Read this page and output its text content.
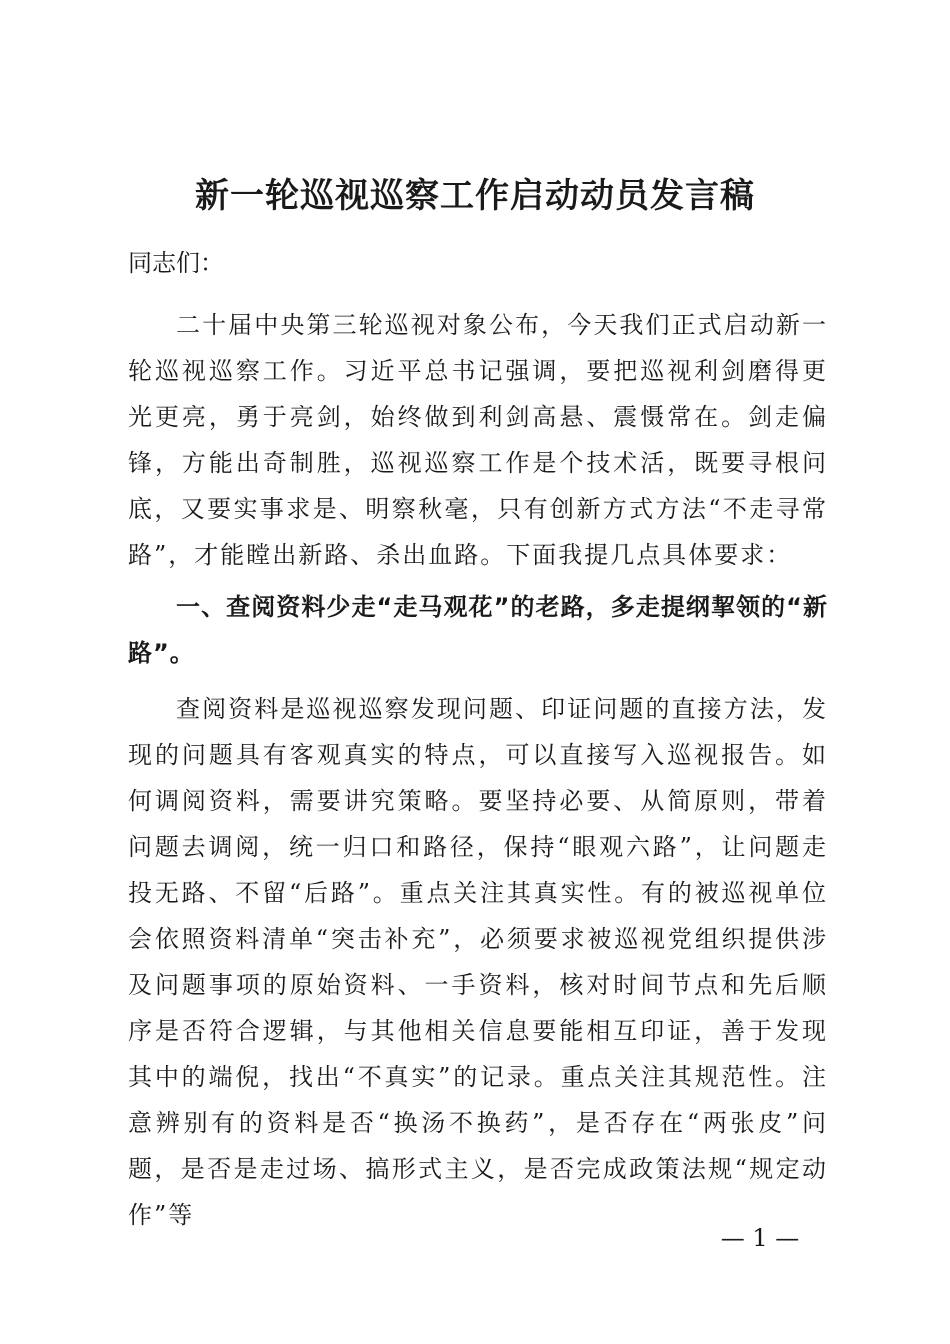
新一轮巡视巡察工作启动动员发言稿

同志们：

二十届中央第三轮巡视对象公布，今天我们正式启动新一轮巡视巡察工作。习近平总书记强调，要把巡视利剑磨得更光更亮，勇于亮剑，始终做到利剑高悬、震慑常在。剑走偏锋，方能出奇制胜，巡视巡察工作是个技术活，既要寻根问底，又要实事求是、明察秋毫，只有创新方式方法“不走寻常路”，才能瞠出新路、杀出血路。下面我提几点具体要求：

一、查阅资料少走“走马观花”的老路，多走提纲挈领的“新路”。

查阅资料是巡视巡察发现问题、印证问题的直接方法，发现的问题具有客观真实的特点，可以直接写入巡视报告。如何调阅资料，需要讲究策略。要坚持必要、从简原则，带着问题去调阅，统一归口和路径，保持“眼观六路”，让问题走投无路、不留“后路”。重点关注其真实性。有的被巡视单位会依照资料清单“突击补充”，必须要求被巡视党组织提供涉及问题事项的原始资料、一手资料，核对时间节点和先后顺序是否符合逻辑，与其他相关信息要能相互印证，善于发现其中的端倪，找出“不真实”的记录。重点关注其规范性。注意辨别有的资料是否“换汤不换药”，是否存在“两张皮”问题，是否是走过场、搞形式主义，是否完成政策法规“规定动作”等

— 1 —
